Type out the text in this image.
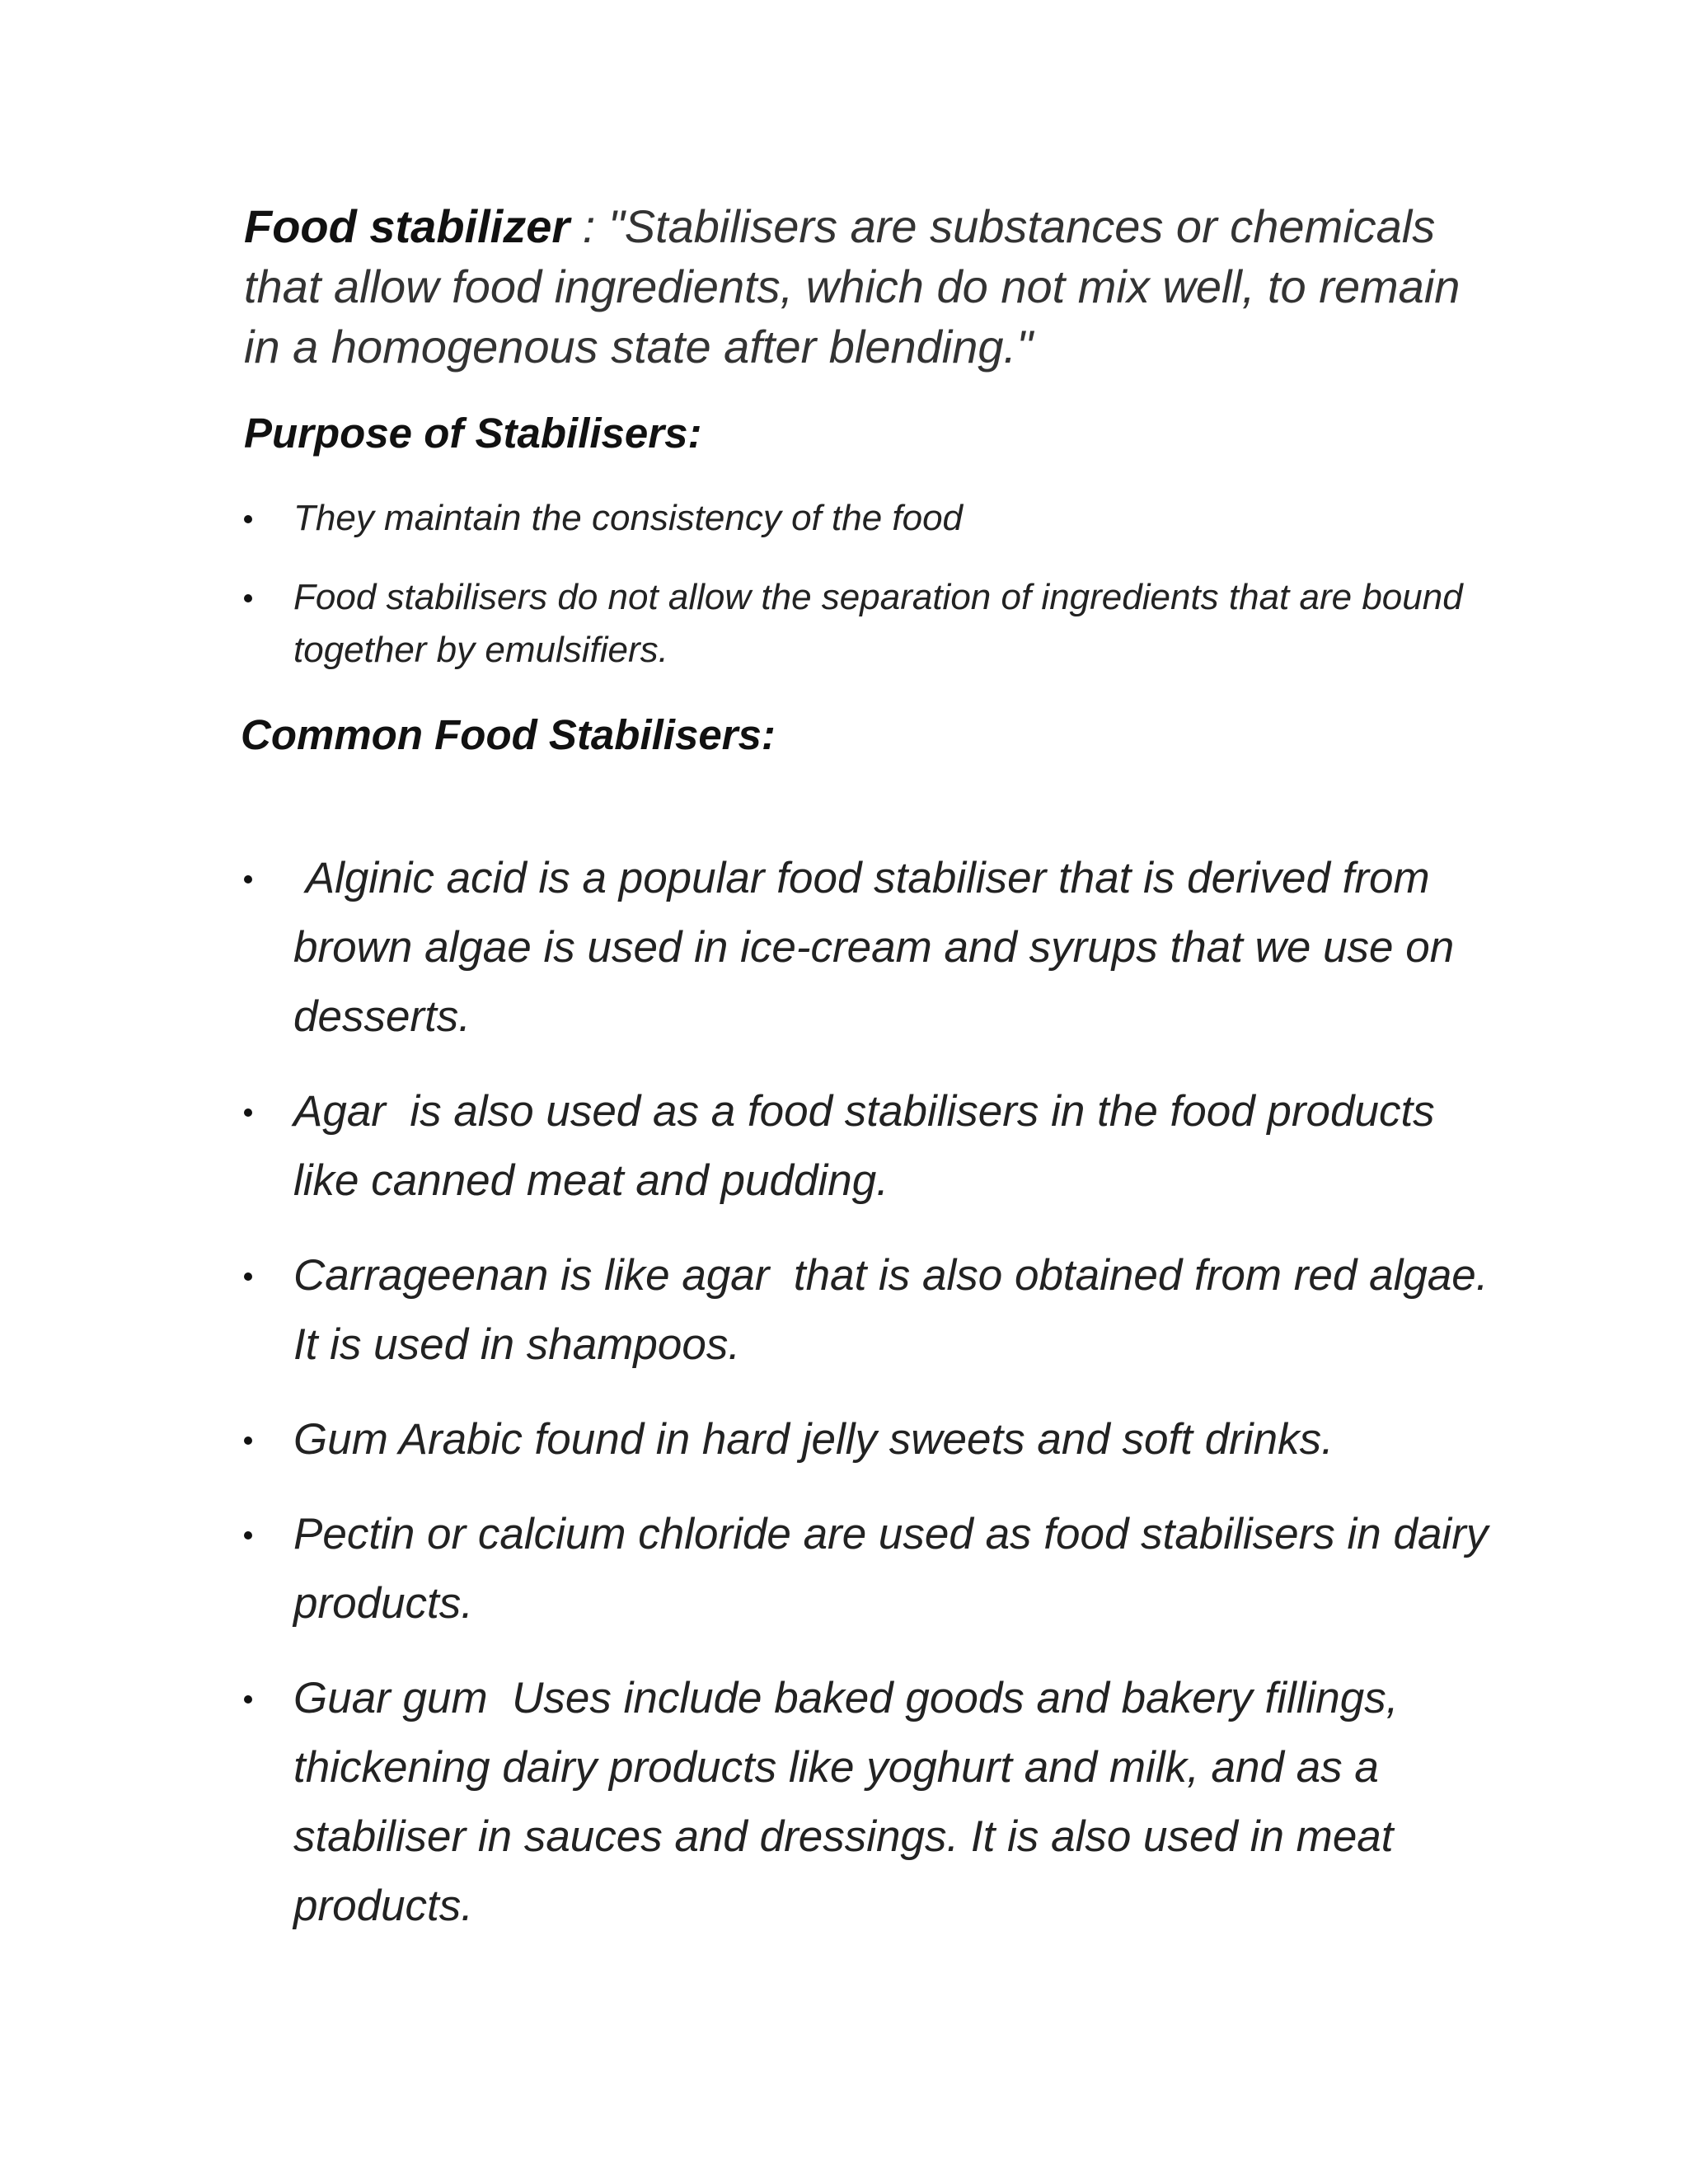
Food stabilizer : "Stabilisers are substances or chemicals that allow food ingredients, which do not mix well, to remain in a homogenous state after blending."

Purpose of Stabilisers:
They maintain the consistency of the food
Food stabilisers do not allow the separation of ingredients that are bound together by emulsifiers.
Common Food Stabilisers:
Alginic acid is a popular food stabiliser that is derived from brown algae is used in ice-cream and syrups that we use on desserts.
Agar  is also used as a food stabilisers in the food products like canned meat and pudding.
Carrageenan is like agar  that is also obtained from red algae. It is used in shampoos.
Gum Arabic found in hard jelly sweets and soft drinks.
Pectin or calcium chloride are used as food stabilisers in dairy products.
Guar gum  Uses include baked goods and bakery fillings, thickening dairy products like yoghurt and milk, and as a stabiliser in sauces and dressings. It is also used in meat products.
